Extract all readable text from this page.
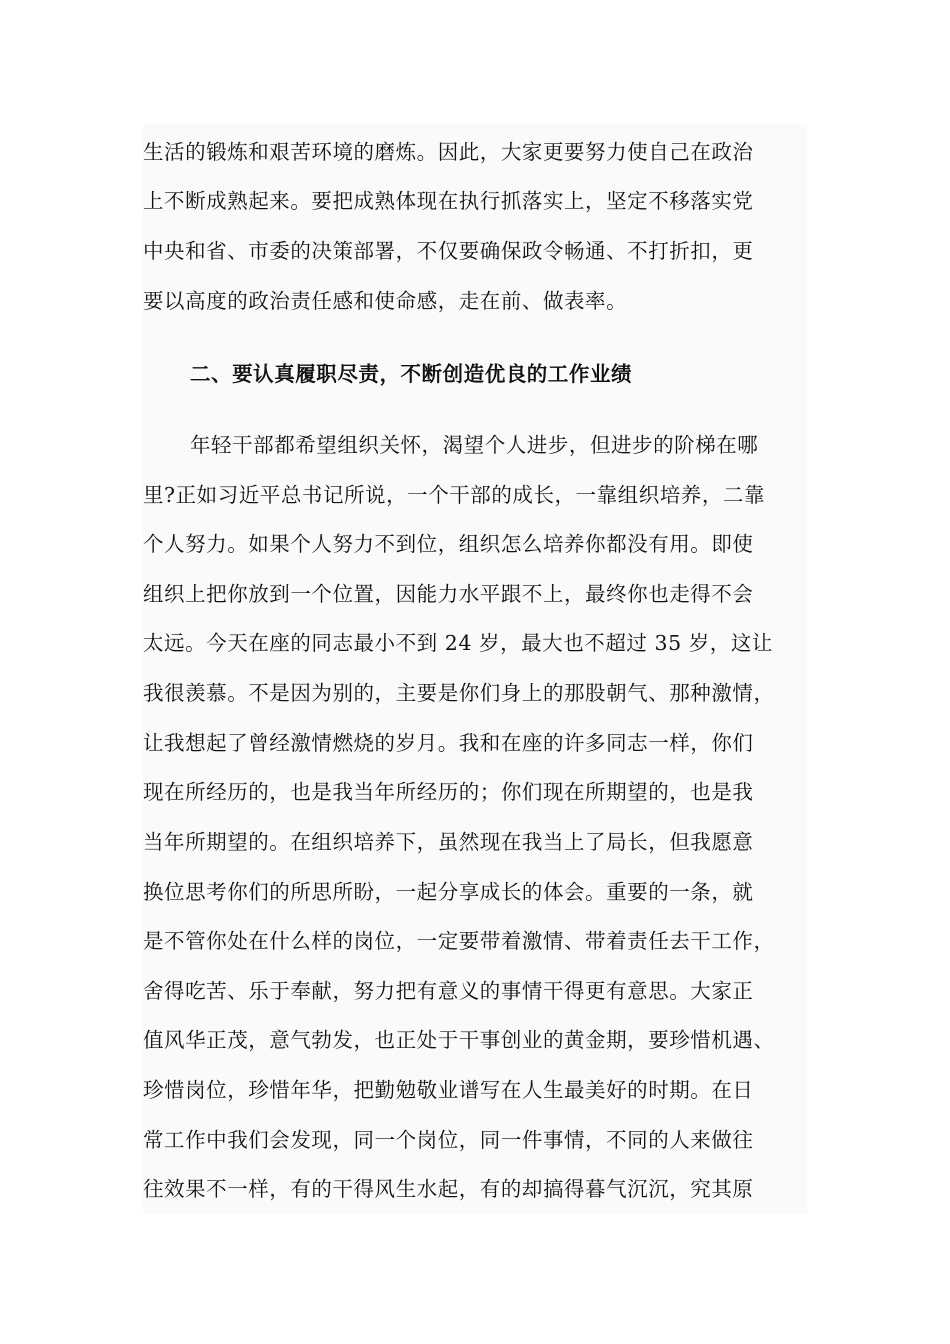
生活的锻炼和艰苦环境的磨炼。因此，大家更要努力使自己在政治
上不断成熟起来。要把成熟体现在执行抓落实上，坚定不移落实党
中央和省、市委的决策部署，不仅要确保政令畅通、不打折扣，更
要以高度的政治责任感和使命感，走在前、做表率。
二、要认真履职尽责，不断创造优良的工作业绩
年轻干部都希望组织关怀，渴望个人进步，但进步的阶梯在哪
里?正如习近平总书记所说，一个干部的成长，一靠组织培养，二靠
个人努力。如果个人努力不到位，组织怎么培养你都没有用。即使
组织上把你放到一个位置，因能力水平跟不上，最终你也走得不会
太远。今天在座的同志最小不到 24 岁，最大也不超过 35 岁，这让
我很羡慕。不是因为别的，主要是你们身上的那股朝气、那种激情，
让我想起了曾经激情燃烧的岁月。我和在座的许多同志一样，你们
现在所经历的，也是我当年所经历的；你们现在所期望的，也是我
当年所期望的。在组织培养下，虽然现在我当上了局长，但我愿意
换位思考你们的所思所盼，一起分享成长的体会。重要的一条，就
是不管你处在什么样的岗位，一定要带着激情、带着责任去干工作，
舍得吃苦、乐于奉献，努力把有意义的事情干得更有意思。大家正
值风华正茂，意气勃发，也正处于干事创业的黄金期，要珍惜机遇、
珍惜岗位，珍惜年华，把勤勉敬业谱写在人生最美好的时期。在日
常工作中我们会发现，同一个岗位，同一件事情，不同的人来做往
往效果不一样，有的干得风生水起，有的却搞得暮气沉沉，究其原
